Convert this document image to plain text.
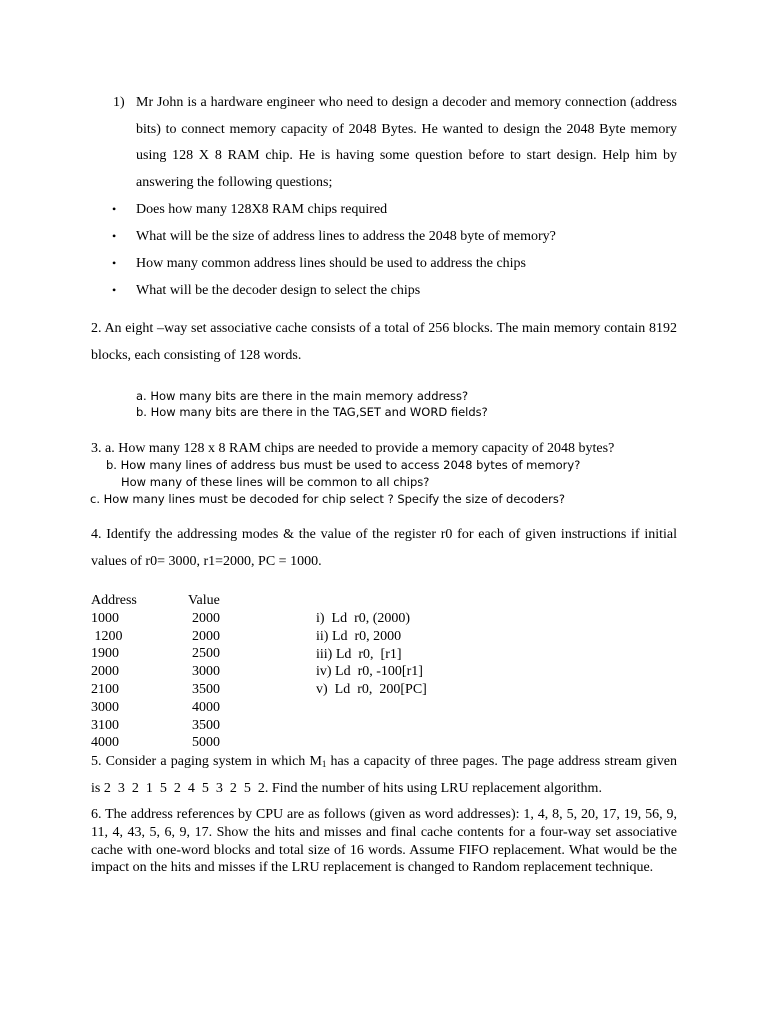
1) Mr John is a hardware engineer who need to design a decoder and memory connection (address bits) to connect memory capacity of 2048 Bytes. He wanted to design the 2048 Byte memory using 128 X 8 RAM chip. He is having some question before to start design. Help him by answering the following questions;
• Does how many 128X8 RAM chips required
• What will be the size of address lines to address the 2048 byte of memory?
• How many common address lines should be used to address the chips
• What will be the decoder design to select the chips
2. An eight –way set associative cache consists of a total of 256 blocks. The main memory contain 8192 blocks, each consisting of 128 words.
a. How many bits are there in the main memory address?
b. How many bits are there in the TAG,SET and WORD fields?
3. a. How many 128 x 8 RAM chips are needed to provide a memory capacity of 2048 bytes?
b. How many lines of address bus must be used to access 2048 bytes of memory?
How many of these lines will be common to all chips?
c. How many lines must be decoded for chip select ? Specify the size of decoders?
4. Identify the addressing modes & the value of the register r0 for each of given instructions if initial values of r0= 3000, r1=2000, PC = 1000.
Address	Value
1000	2000
1200	2000
1900	2500
2000	3000
2100	3500
3000	4000
3100	3500
4000	5000
i)  Ld  r0, (2000)
ii) Ld  r0, 2000
iii) Ld  r0,  [r1]
iv) Ld  r0, -100[r1]
v)  Ld  r0,  200[PC]
5. Consider a paging system in which $M_1$ has a capacity of three pages. The page address stream given is 2  3  2  1  5  2  4  5  3  2  5  2. Find the number of hits using LRU replacement algorithm.
6. The address references by CPU are as follows (given as word addresses): 1, 4, 8, 5, 20, 17, 19, 56, 9, 11, 4, 43, 5, 6, 9, 17. Show the hits and misses and final cache contents for a four-way set associative cache with one-word blocks and total size of 16 words. Assume FIFO replacement. What would be the impact on the hits and misses if the LRU replacement is changed to Random replacement technique.
